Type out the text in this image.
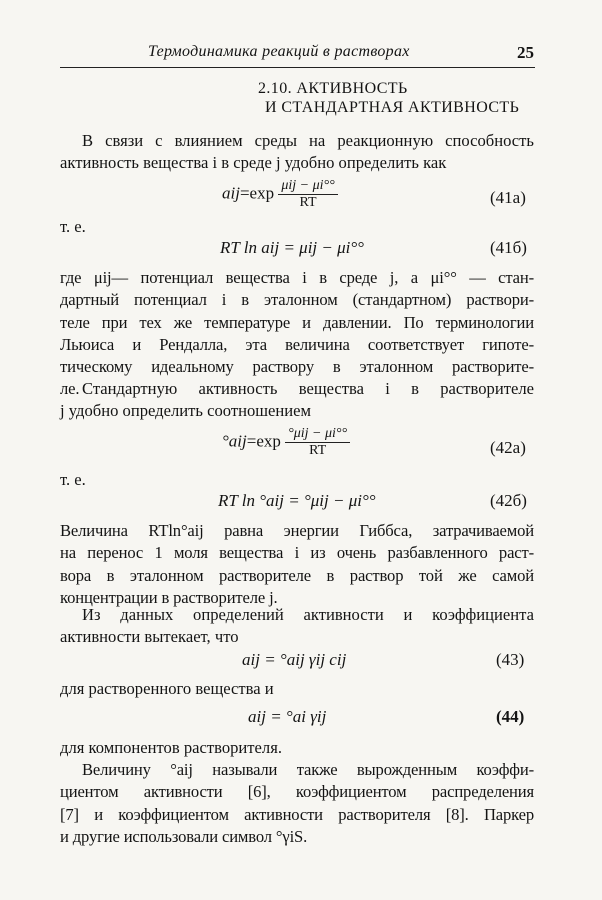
Термодинамика реакций в растворах	25
2.10. АКТИВНОСТЬ
И СТАНДАРТНАЯ АКТИВНОСТЬ
В связи с влиянием среды на реакционную способность
активность вещества i в среде j удобно определить как
$aij=\exp \frac{\text{μij − μi°°}}{RT}$	(41a)
т. е.
RT ln aij = μij − μi°°	(41б)
где μij— потенциал вещества i в среде j, а μi°° — стан-
дартный потенциал i в эталонном (стандартном) раствори-
теле при тех же температуре и давлении. По терминологии
Льюиса и Рендалла, эта величина соответствует гипоте-
тическому идеальному раствору в эталонном растворите-
ле. Стандартную активность вещества i в растворителе
j удобно определить соотношением
$^\circ aij=\exp \frac{\text{°μij − μi°°}}{RT}$	(42a)
т. е.
RT ln °aij = °μij − μi°°	(42б)
Величина RTln°aij равна энергии Гиббса, затрачиваемой
на перенос 1 моля вещества i из очень разбавленного раст-
вора в эталонном растворителе в раствор той же самой
концентрации в растворителе j.
Из данных определений активности и коэффициента
активности вытекает, что
aij = °aij γij cij	(43)
для растворенного вещества и
aij = °ai γij	(44)
для компонентов растворителя.
Величину °aij называли также вырожденным коэффи-
циентом активности [6], коэффициентом распределения
[7] и коэффициентом активности растворителя [8]. Паркер
и другие использовали символ °γiS.
